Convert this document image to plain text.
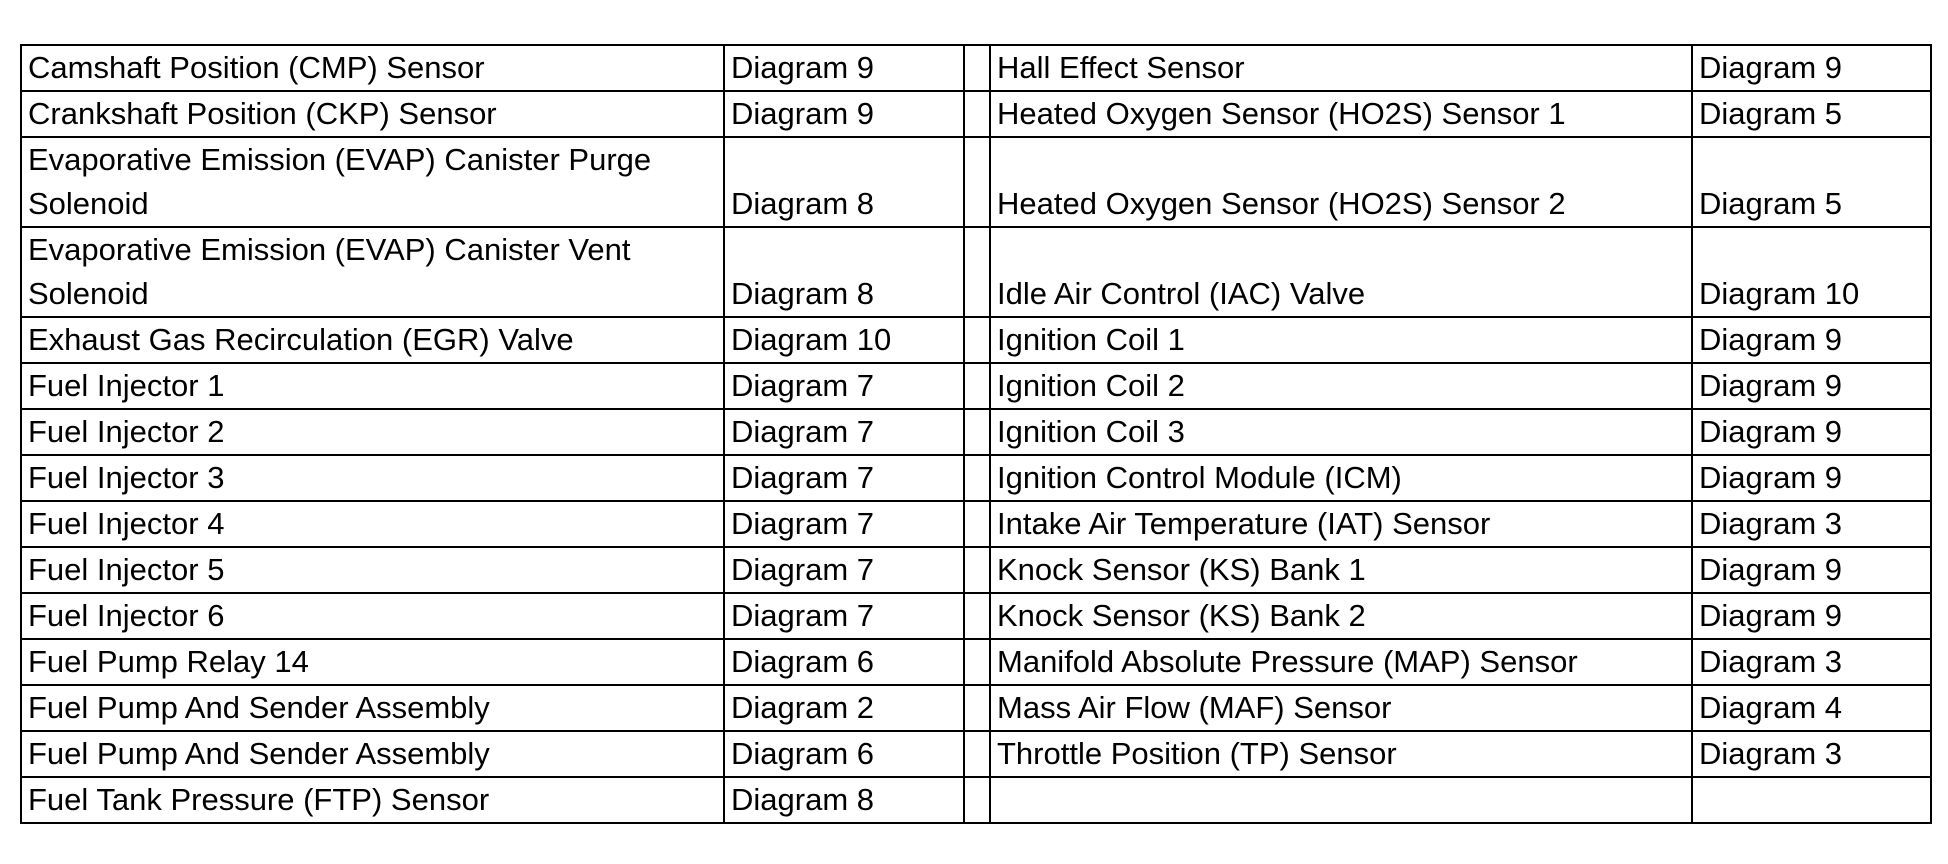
Camshaft Position (CMP) Sensor	Diagram 9		Hall Effect Sensor	Diagram 9
Crankshaft Position (CKP) Sensor	Diagram 9		Heated Oxygen Sensor (HO2S) Sensor 1	Diagram 5
Evaporative Emission (EVAP) Canister Purge Solenoid	Diagram 8		Heated Oxygen Sensor (HO2S) Sensor 2	Diagram 5
Evaporative Emission (EVAP) Canister Vent Solenoid	Diagram 8		Idle Air Control (IAC) Valve	Diagram 10
Exhaust Gas Recirculation (EGR) Valve	Diagram 10		Ignition Coil 1	Diagram 9
Fuel Injector 1	Diagram 7		Ignition Coil 2	Diagram 9
Fuel Injector 2	Diagram 7		Ignition Coil 3	Diagram 9
Fuel Injector 3	Diagram 7		Ignition Control Module (ICM)	Diagram 9
Fuel Injector 4	Diagram 7		Intake Air Temperature (IAT) Sensor	Diagram 3
Fuel Injector 5	Diagram 7		Knock Sensor (KS) Bank 1	Diagram 9
Fuel Injector 6	Diagram 7		Knock Sensor (KS) Bank 2	Diagram 9
Fuel Pump Relay 14	Diagram 6		Manifold Absolute Pressure (MAP) Sensor	Diagram 3
Fuel Pump And Sender Assembly	Diagram 2		Mass Air Flow (MAF) Sensor	Diagram 4
Fuel Pump And Sender Assembly	Diagram 6		Throttle Position (TP) Sensor	Diagram 3
Fuel Tank Pressure (FTP) Sensor	Diagram 8			
